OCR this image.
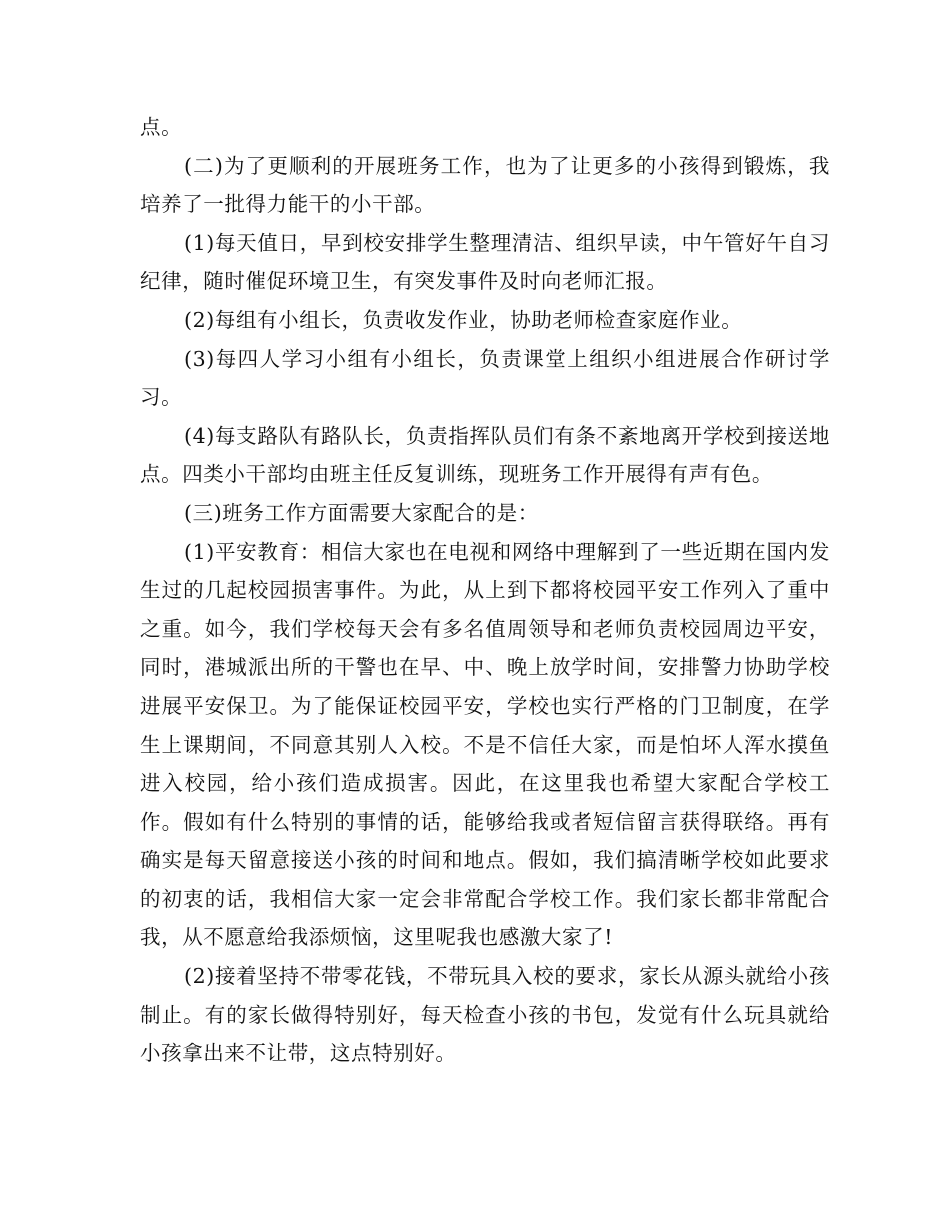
点。

(二)为了更顺利的开展班务工作，也为了让更多的小孩得到锻炼，我培养了一批得力能干的小干部。

(1)每天值日，早到校安排学生整理清洁、组织早读，中午管好午自习纪律，随时催促环境卫生，有突发事件及时向老师汇报。

(2)每组有小组长，负责收发作业，协助老师检查家庭作业。

(3)每四人学习小组有小组长，负责课堂上组织小组进展合作研讨学习。

(4)每支路队有路队长，负责指挥队员们有条不紊地离开学校到接送地点。四类小干部均由班主任反复训练，现班务工作开展得有声有色。

(三)班务工作方面需要大家配合的是：

(1)平安教育：相信大家也在电视和网络中理解到了一些近期在国内发生过的几起校园损害事件。为此，从上到下都将校园平安工作列入了重中之重。如今，我们学校每天会有多名值周领导和老师负责校园周边平安，同时，港城派出所的干警也在早、中、晚上放学时间，安排警力协助学校进展平安保卫。为了能保证校园平安，学校也实行严格的门卫制度，在学生上课期间，不同意其别人入校。不是不信任大家，而是怕坏人浑水摸鱼进入校园，给小孩们造成损害。因此，在这里我也希望大家配合学校工作。假如有什么特别的事情的话，能够给我或者短信留言获得联络。再有确实是每天留意接送小孩的时间和地点。假如，我们搞清晰学校如此要求的初衷的话，我相信大家一定会非常配合学校工作。我们家长都非常配合我，从不愿意给我添烦恼，这里呢我也感激大家了!

(2)接着坚持不带零花钱，不带玩具入校的要求，家长从源头就给小孩制止。有的家长做得特别好，每天检查小孩的书包，发觉有什么玩具就给小孩拿出来不让带，这点特别好。
